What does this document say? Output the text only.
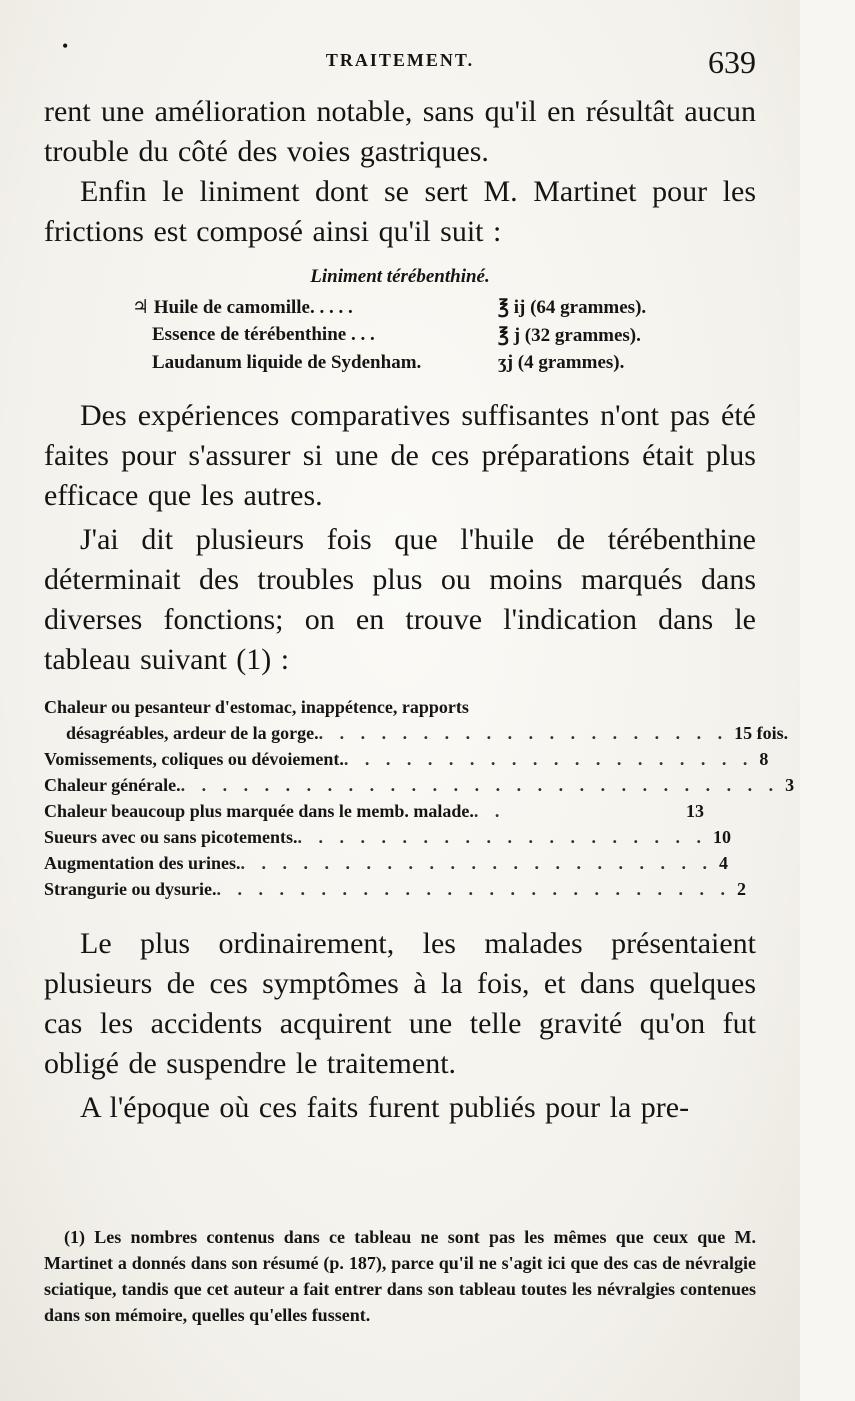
•
TRAITEMENT.	639

rent une amélioration notable, sans qu'il en résultât aucun trouble du côté des voies gastriques.

Enfin le liniment dont se sert M. Martinet pour les frictions est composé ainsi qu'il suit :

Liniment térébenthiné.
♃ Huile de camomille. . . . .	℥ ij (64 grammes).
Essence de térébenthine . . .	℥ j (32 grammes).
Laudanum liquide de Sydenham.	ʒj (4 grammes).

Des expériences comparatives suffisantes n'ont pas été faites pour s'assurer si une de ces préparations était plus efficace que les autres.

J'ai dit plusieurs fois que l'huile de térébenthine déterminait des troubles plus ou moins marqués dans diverses fonctions; on en trouve l'indication dans le tableau suivant (1) :

Chaleur ou pesanteur d'estomac, inappétence, rapports
désagréables, ardeur de la gorge. . . . . . . . . . . . . . . . . . . . . 15 fois.
Vomissements, coliques ou dévoiement. . . . . . . . . . . . . . . . . . . . . 8
Chaleur générale. . . . . . . . . . . . . . . . . . . . . . . . . . . . . . 3
Chaleur beaucoup plus marquée dans le memb. malade. . .	13
Sueurs avec ou sans picotements. . . . . . . . . . . . . . . . . . . . . 10
Augmentation des urines. . . . . . . . . . . . . . . . . . . . . . . . 4
Strangurie ou dysurie. . . . . . . . . . . . . . . . . . . . . . . . . . 2

Le plus ordinairement, les malades présentaient plusieurs de ces symptômes à la fois, et dans quelques cas les accidents acquirent une telle gravité qu'on fut obligé de suspendre le traitement.

A l'époque où ces faits furent publiés pour la pre-

(1) Les nombres contenus dans ce tableau ne sont pas les mêmes que ceux que M. Martinet a donnés dans son résumé (p. 187), parce qu'il ne s'agit ici que des cas de névralgie sciatique, tandis que cet auteur a fait entrer dans son tableau toutes les névralgies contenues dans son mémoire, quelles qu'elles fussent.
